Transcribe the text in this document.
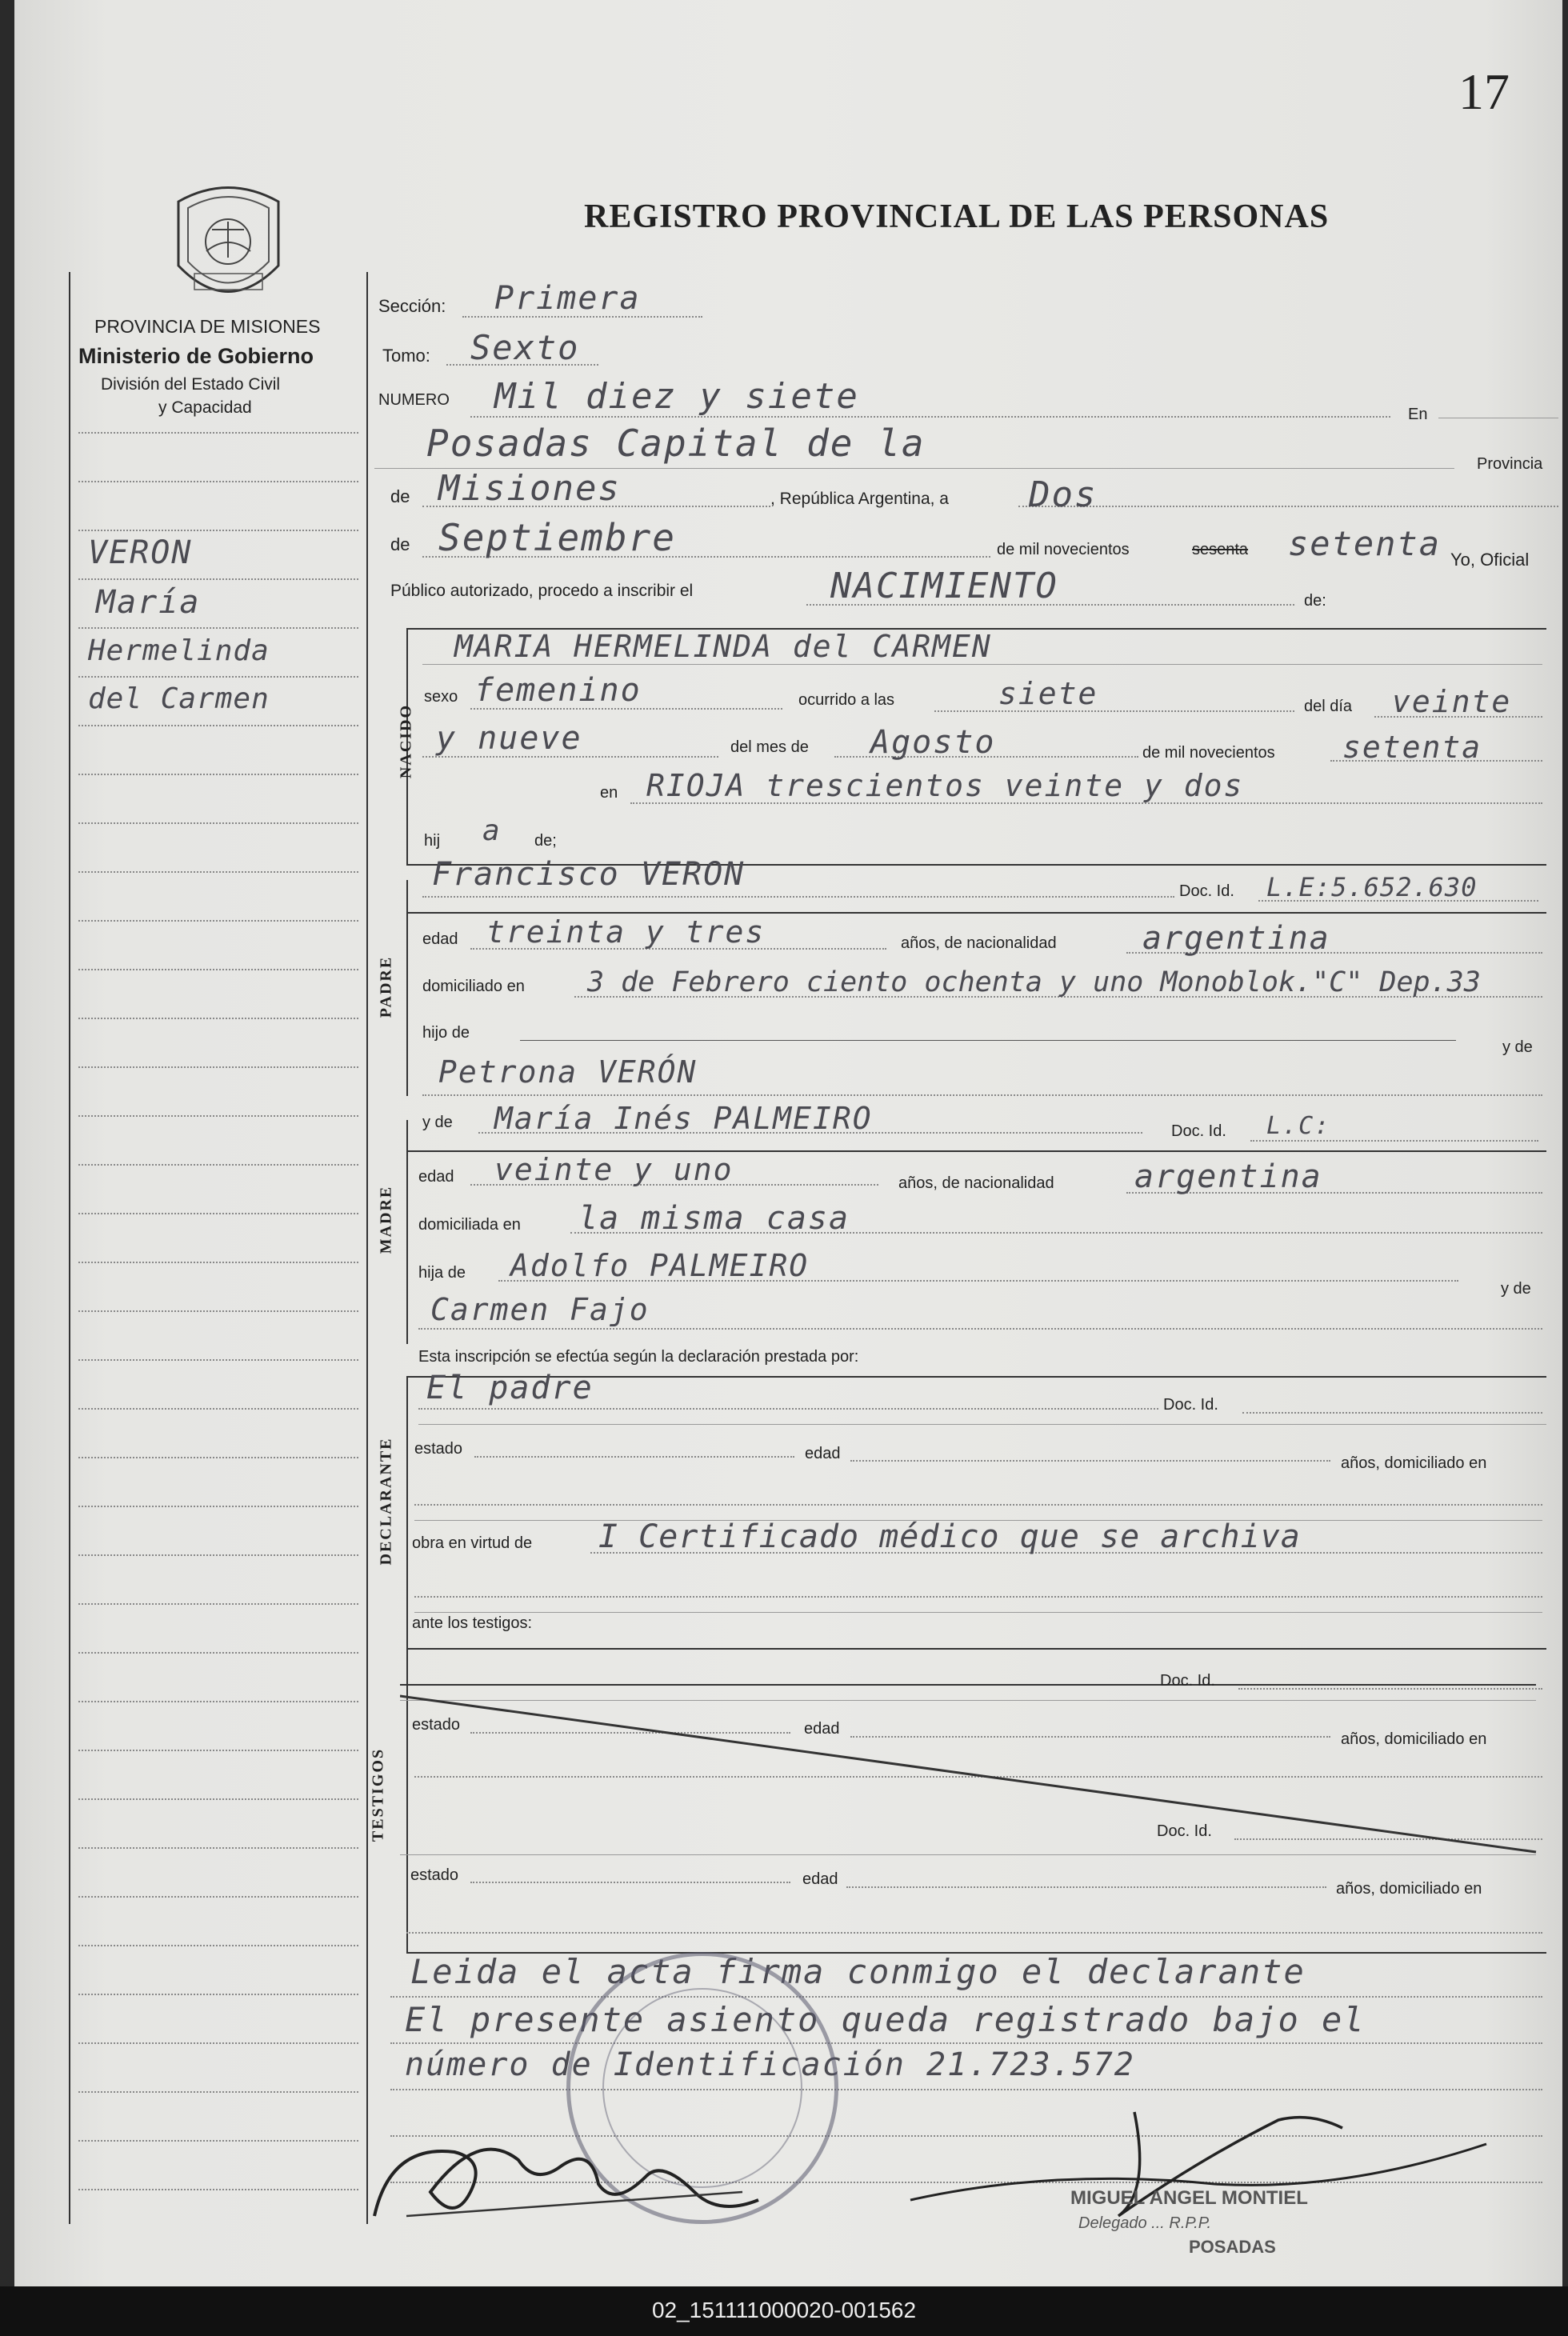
17
REGISTRO PROVINCIAL DE LAS PERSONAS
PROVINCIA DE MISIONES
Ministerio de Gobierno
División del Estado Civil
y Capacidad
VERON
María
Hermelinda
del Carmen
Sección: Primera
Tomo: Sexto
NUMERO Mil diez y siete	En
Posadas Capital de la	Provincia
de Misiones	, República Argentina, a Dos
de Septiembre	de mil novecientos	sesenta setenta Yo, Oficial
Público autorizado, procedo a inscribir el	NACIMIENTO	de:
NACIDO
MARIA HERMELINDA del CARMEN
sexo femenino	ocurrido a las	siete	del día veinte
y nueve	del mes de Agosto	de mil novecientos setenta
en RIOJA trescientos veinte y dos
hij a de;
Francisco VERON	Doc. Id. L.E:5.652.630
PADRE
edad treinta y tres	años, de nacionalidad	argentina
domiciliado en 3 de Febrero ciento ochenta y uno Monoblok."C" Dep.33
hijo de
y de
Petrona VERÓN
y de María Inés PALMEIRO	Doc. Id. L.C:
MADRE
edad veinte y uno	años, de nacionalidad	argentina
domiciliada en la misma casa
hija de Adolfo PALMEIRO
y de
Carmen Fajo
Esta inscripción se efectúa según la declaración prestada por:
DECLARANTE
El padre	Doc. Id.
estado	edad
años, domiciliado en
obra en virtud de I Certificado médico que se archiva
ante los testigos:
TESTIGOS
Doc. Id.
estado	edad
años, domiciliado en
Doc. Id.
estado	edad
años, domiciliado en
Leida el acta firma conmigo el declarante
El presente asiento queda registrado bajo el
número de Identificación 21.723.572
MIGUEL ANGEL MONTIEL
Delegado ... R.P.P.
POSADAS
02_151111000020-001562
